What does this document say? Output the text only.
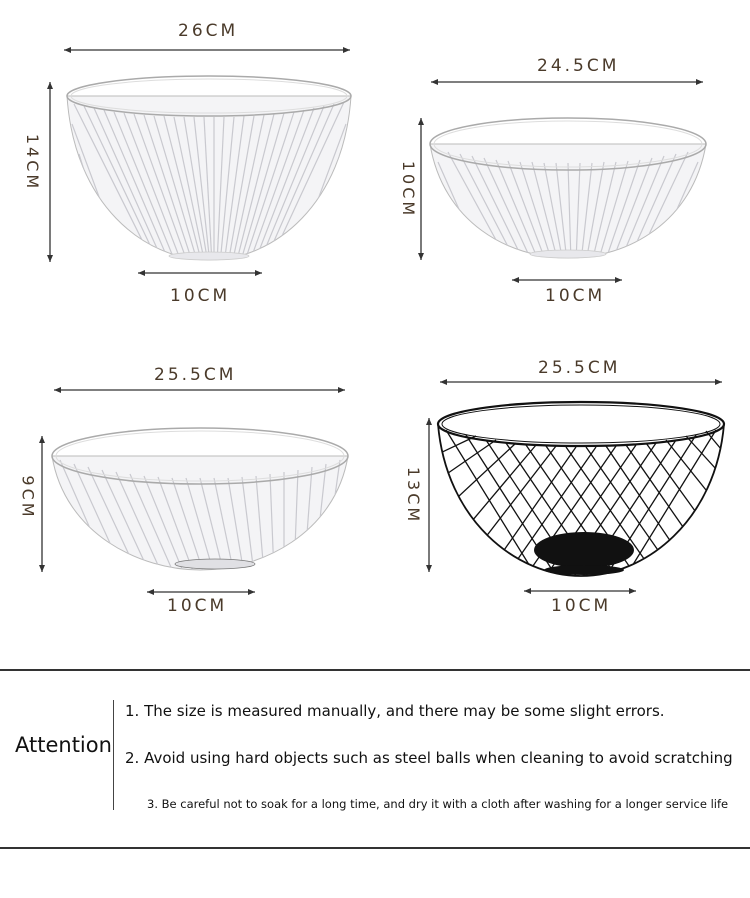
26CM
14CM
10CM
24.5CM
10CM
10CM
25.5CM
9CM
10CM
25.5CM
13CM
10CM
Attention
1. The size is measured manually, and there may be some slight errors.
2. Avoid using hard objects such as steel balls when cleaning to avoid scratching
3. Be careful not to soak for a long time, and dry it with a cloth after washing for a longer service life
